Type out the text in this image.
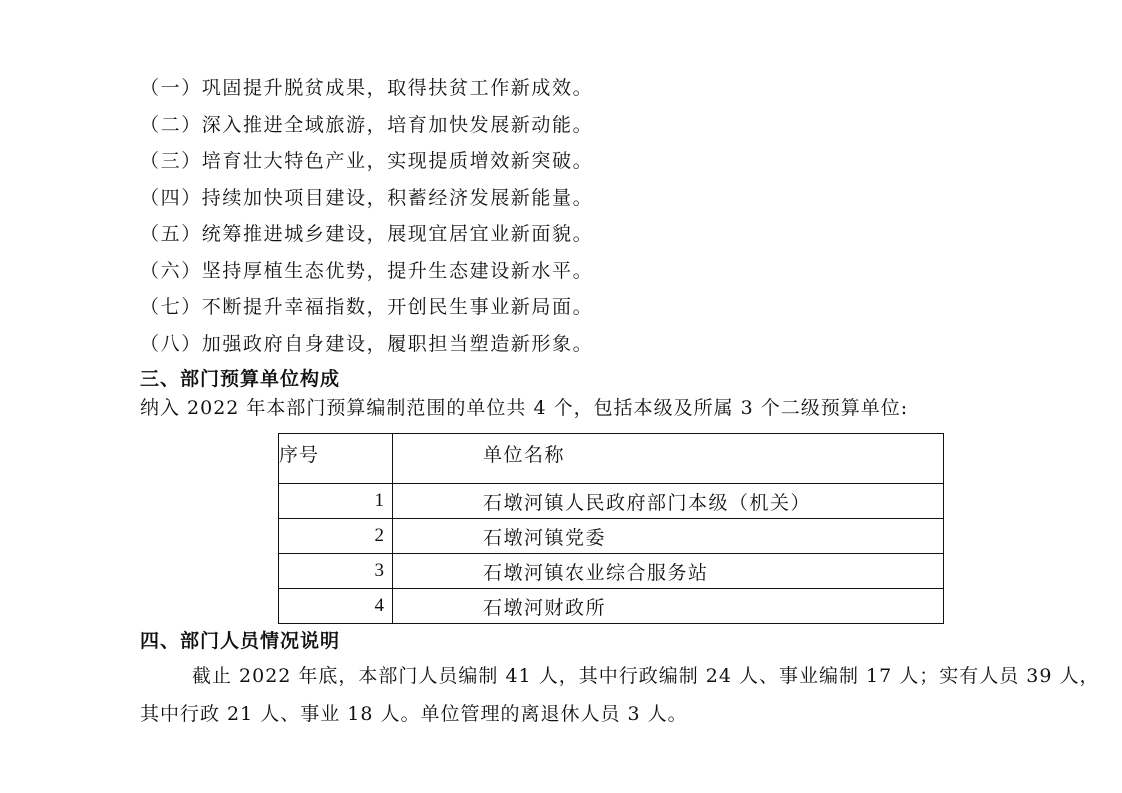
（一）巩固提升脱贫成果，取得扶贫工作新成效。
（二）深入推进全域旅游，培育加快发展新动能。
（三）培育壮大特色产业，实现提质增效新突破。
（四）持续加快项目建设，积蓄经济发展新能量。
（五）统筹推进城乡建设，展现宜居宜业新面貌。
（六）坚持厚植生态优势，提升生态建设新水平。
（七）不断提升幸福指数，开创民生事业新局面。
（八）加强政府自身建设，履职担当塑造新形象。
三、部门预算单位构成
纳入 2022 年本部门预算编制范围的单位共 4 个，包括本级及所属 3 个二级预算单位:
序号	单位名称
1	石墩河镇人民政府部门本级（机关）
2	石墩河镇党委
3	石墩河镇农业综合服务站
4	石墩河财政所
四、部门人员情况说明
截止 2022 年底，本部门人员编制 41 人，其中行政编制 24 人、事业编制 17 人；实有人员 39 人，
其中行政 21 人、事业 18 人。单位管理的离退休人员 3 人。
